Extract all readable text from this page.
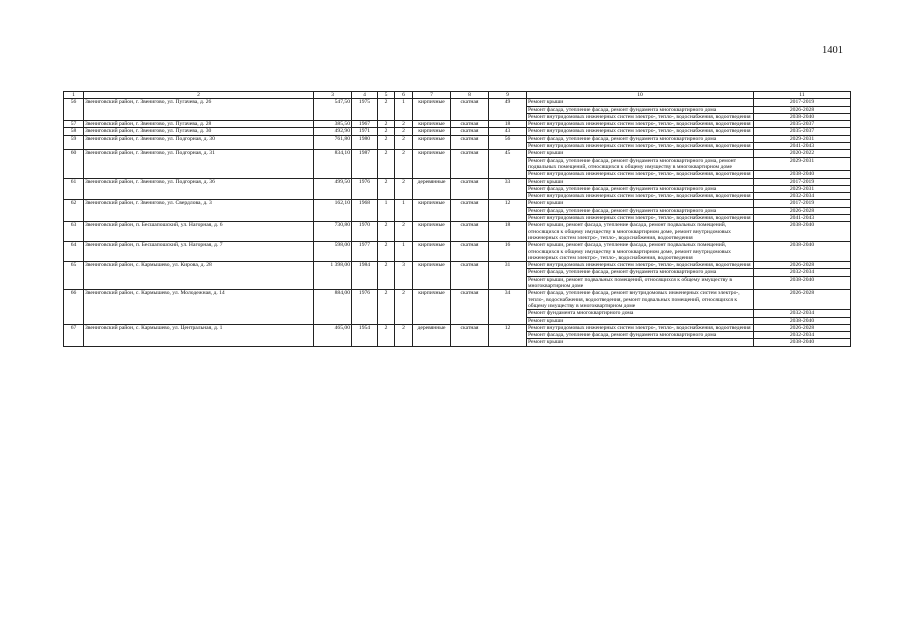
1401
1	2	3	4	5	6	7	8	9	10	11
56	Звениговский район, г. Звенигово, ул. Пугачева, д. 26	547,50	1975	2	1	кирпичные	скатная	49	Ремонт крыши	2017-2019
									Ремонт фасада, утепление фасада, ремонт фундамента многоквартирного дома	2026-2028
									Ремонт внутридомовых инженерных систем электро-, тепло-, водоснабжения, водоотведения	2038-2040
57	Звениговский район, г. Звенигово, ул. Пугачева, д. 28	385,50	1967	2	2	кирпичные	скатная	18	Ремонт внутридомовых инженерных систем электро-, тепло-, водоснабжения, водоотведения	2035-2037
58	Звениговский район, г. Звенигово, ул. Пугачева, д. 30	492,90	1971	2	2	кирпичные	скатная	43	Ремонт внутридомовых инженерных систем электро-, тепло-, водоснабжения, водоотведения	2035-2037
59	Звениговский район, г. Звенигово, ул. Подгорная, д. 30	761,80	1980	2	2	кирпичные	скатная	56	Ремонт фасада, утепление фасада, ремонт фундамента многоквартирного дома	2029-2031
									Ремонт внутридомовых инженерных систем электро-, тепло-, водоснабжения, водоотведения	2041-2043
60	Звениговский район, г. Звенигово, ул. Подгорная, д. 31	834,10	1987	2	2	кирпичные	скатная	45	Ремонт крыши	2020-2022
									Ремонт фасада, утепление фасада, ремонт фундамента многоквартирного дома, ремонт подвальных помещений, относящихся к общему имуществу в многоквартирном доме	2029-2031
									Ремонт внутридомовых инженерных систем электро-, тепло-, водоснабжения, водоотведения	2038-2040
61	Звениговский район, г. Звенигово, ул. Подгорная, д. 36	499,50	1976	2	2	деревянные	скатная	33	Ремонт крыши	2017-2019
									Ремонт фасада, утепление фасада, ремонт фундамента многоквартирного дома	2029-2031
									Ремонт внутридомовых инженерных систем электро-, тепло-, водоснабжения, водоотведения	2032-2034
62	Звениговский район, г. Звенигово, ул. Свердлова, д. 3	162,10	1968	1	1	кирпичные	скатная	12	Ремонт крыши	2017-2019
									Ремонт фасада, утепление фасада, ремонт фундамента многоквартирного дома	2026-2028
									Ремонт внутридомовых инженерных систем электро-, тепло-, водоснабжения, водоотведения	2041-2043
63	Звениговский район, п. Бесшапошский, ул. Нагорная, д. 6	730,80	1970	2	2	кирпичные	скатная	18	Ремонт крыши, ремонт фасада, утепление фасада, ремонт подвальных помещений, относящихся к общему имуществу в многоквартирном доме, ремонт внутридомовых инженерных систем электро-, тепло-, водоснабжения, водоотведения	2038-2040
64	Звениговский район, п. Бесшапошский, ул. Нагорная, д. 7	598,00	1977	2	1	кирпичные	скатная	16	Ремонт крыши, ремонт фасада, утепление фасада, ремонт подвальных помещений, относящихся к общему имуществу в многоквартирном доме, ремонт внутридомовых инженерных систем электро-, тепло-, водоснабжения, водоотведения	2038-2040
65	Звениговский район, с. Кармышево, ул. Кирова, д. 28	1 398,00	1984	2	3	кирпичные	скатная	31	Ремонт внутридомовых инженерных систем электро-, тепло-, водоснабжения, водоотведения	2026-2028
									Ремонт фасада, утепление фасада, ремонт фундамента многоквартирного дома	2032-2034
									Ремонт крыши, ремонт подвальных помещений, относящихся к общему имуществу в многоквартирном доме	2038-2040
66	Звениговский район, с. Кармышево, ул. Молодежная, д. 14	884,00	1976	2	2	кирпичные	скатная	34	Ремонт фасада, утепление фасада, ремонт внутридомовых инженерных систем электро-, тепло-, водоснабжения, водоотведения, ремонт подвальных помещений, относящихся к общему имуществу в многоквартирном доме	2026-2028
									Ремонт фундамента многоквартирного дома	2032-2034
									Ремонт крыши	2038-2040
67	Звениговский район, с. Кармышево, ул. Центральная, д. 1	465,00	1954	2	2	деревянные	скатная	12	Ремонт внутридомовых инженерных систем электро-, тепло-, водоснабжения, водоотведения	2026-2028
									Ремонт фасада, утепление фасада, ремонт фундамента многоквартирного дома	2032-2034
									Ремонт крыши	2038-2040
